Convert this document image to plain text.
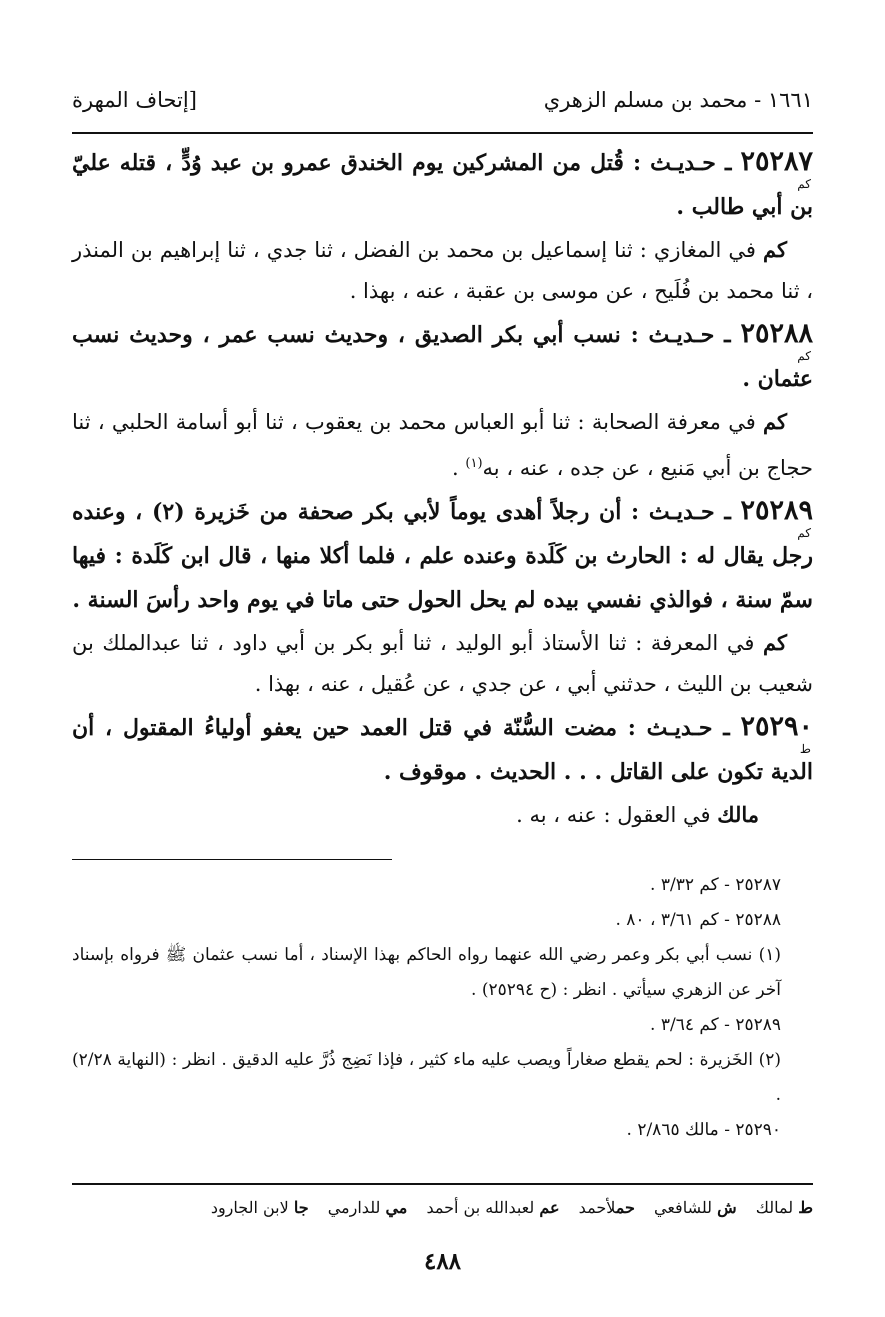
١٦٦١ - محمد بن مسلم الزهري
[إتحاف المهرة
٢٥٢٨٧ ـ حـديـث : قُتل من المشركين يوم الخندق عمرو بن عبد وُدٍّ ، قتله عليّ بن أبي طالب .
كم
كم في المغازي : ثنا إسماعيل بن محمد بن الفضل ، ثنا جدي ، ثنا إبراهيم بن المنذر ، ثنا محمد بن فُلَيح ، عن موسى بن عقبة ، عنه ، بهذا .
٢٥٢٨٨ ـ حـديـث : نسب أبي بكر الصديق ، وحديث نسب عمر ، وحديث نسب عثمان .
كم
كم في معرفة الصحابة : ثنا أبو العباس محمد بن يعقوب ، ثنا أبو أسامة الحلبي ، ثنا حجاج بن أبي مَنيع ، عن جده ، عنه ، به$^{(١)}$ .
٢٥٢٨٩ ـ حـديـث : أن رجلاً أهدى يوماً لأبي بكر صحفة من خَزيرة (٢) ، وعنده رجل يقال له : الحارث بن كَلَدة وعنده علم ، فلما أكلا منها ، قال ابن كَلَدة : فيها سمّ سنة ، فوالذي نفسي بيده لم يحل الحول حتى ماتا في يوم واحد رأسَ السنة .
كم
كم في المعرفة : ثنا الأستاذ أبو الوليد ، ثنا أبو بكر بن أبي داود ، ثنا عبدالملك بن شعيب بن الليث ، حدثني أبي ، عن جدي ، عن عُقيل ، عنه ، بهذا .
٢٥٢٩٠ ـ حـديـث : مضت السُّنّة في قتل العمد حين يعفو أولياءُ المقتول ، أن الدية تكون على القاتل . . . الحديث . موقوف .
ط
مالك في العقول : عنه ، به .
٢٥٢٨٧ - كم ٣/٣٢ .
٢٥٢٨٨ - كم ٣/٦١ ، ٨٠ .
(١) نسب أبي بكر وعمر رضي الله عنهما رواه الحاكم بهذا الإسناد ، أما نسب عثمان ﷺ فرواه بإسناد آخر عن الزهري سيأتي . انظر : (ح ٢٥٢٩٤) .
٢٥٢٨٩ - كم ٣/٦٤ .
(٢) الخَزيرة : لحم يقطع صغاراً ويصب عليه ماء كثير ، فإذا نَضِج ذُرَّ عليه الدقيق . انظر : (النهاية ٢/٢٨) .
٢٥٢٩٠ - مالك ٢/٨٦٥ .
ط لمالك ش للشافعي حملأحمد عم لعبدالله بن أحمد مي للدارمي جا لابن الجارود
٤٨٨
